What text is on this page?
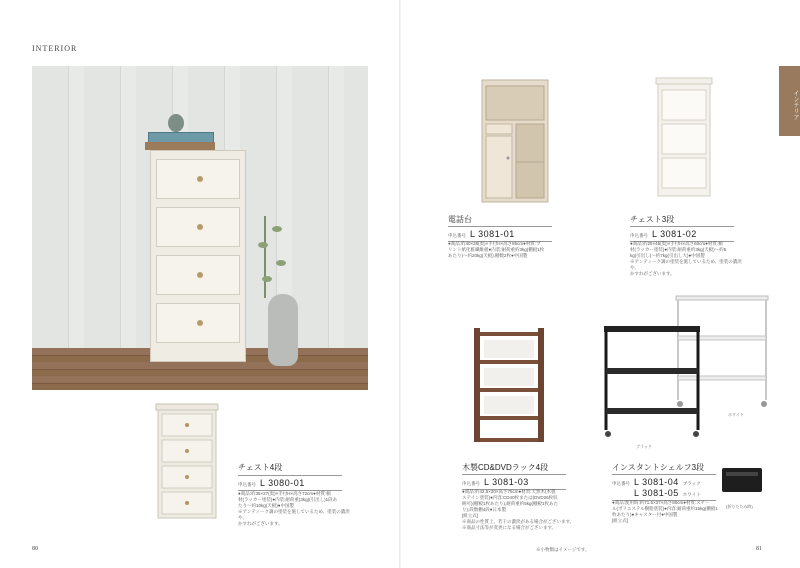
INTERIOR
チェスト4段
申込番号 L 3080-01
●商品:約35×27(奥)×手付H×高さ72cm●材質:桐
材(ラッカー塗装)●内装:耐荷重(3kg)(引出し)1段あ
たり～約10kg(天板)●中国製
※アンティーク調の塗装を施しているため、塗装の濃淡や、
かすれがございます。
80
インテリア
電話台
申込番号 L 3081-01
●商品:約40×28(奥)×手付H×高さ85cm●材質:プ
リント紙化粧繊維板●内装:耐荷重約3kg(棚板1枚
あたり)～約20kg(天板),棚数2枚●中国製
チェスト3段
申込番号 L 3081-02
●商品:約25×45(奥)×手付H×高さ60cm●材質:桐
材(ラッカー塗装)●内装:耐荷重約3kg(天板)～約5
kg(引出し)～約7kg(引出し大)●中国製
※アンティーク調の塗装を施しているため、塗装の濃淡や、
かすれがございます。
木製CD&DVDラック4段
申込番号 L 3081-03
●商品:約42.5×20×高さ75cm●材質:天然木(木製
ステイン塗装)●内容:CD40枚または(DVD26枚収
納可)(棚板1枚あたり),耐荷重約5kg(棚板1枚あた
り),段数棚4段●日本製
[組立式]
※商品の性質上、若干の濃淡がある場合がございます。
※商品寸法等が変更になる場合がございます。
ホワイト
ブラック
(折りたたみ時)
インスタントシェルフ3段
申込番号 L 3081-04 ブラック
L 3081-05 ホワイト
●商品:使用時:約71.5×37×高さ80cm●材質:スチー
ル(ポリエステル樹脂塗装)●内容:耐荷重約15kg(棚板1
枚あたり)●キャスター付●中国製
[組立式]
※小物類はイメージです。	81
